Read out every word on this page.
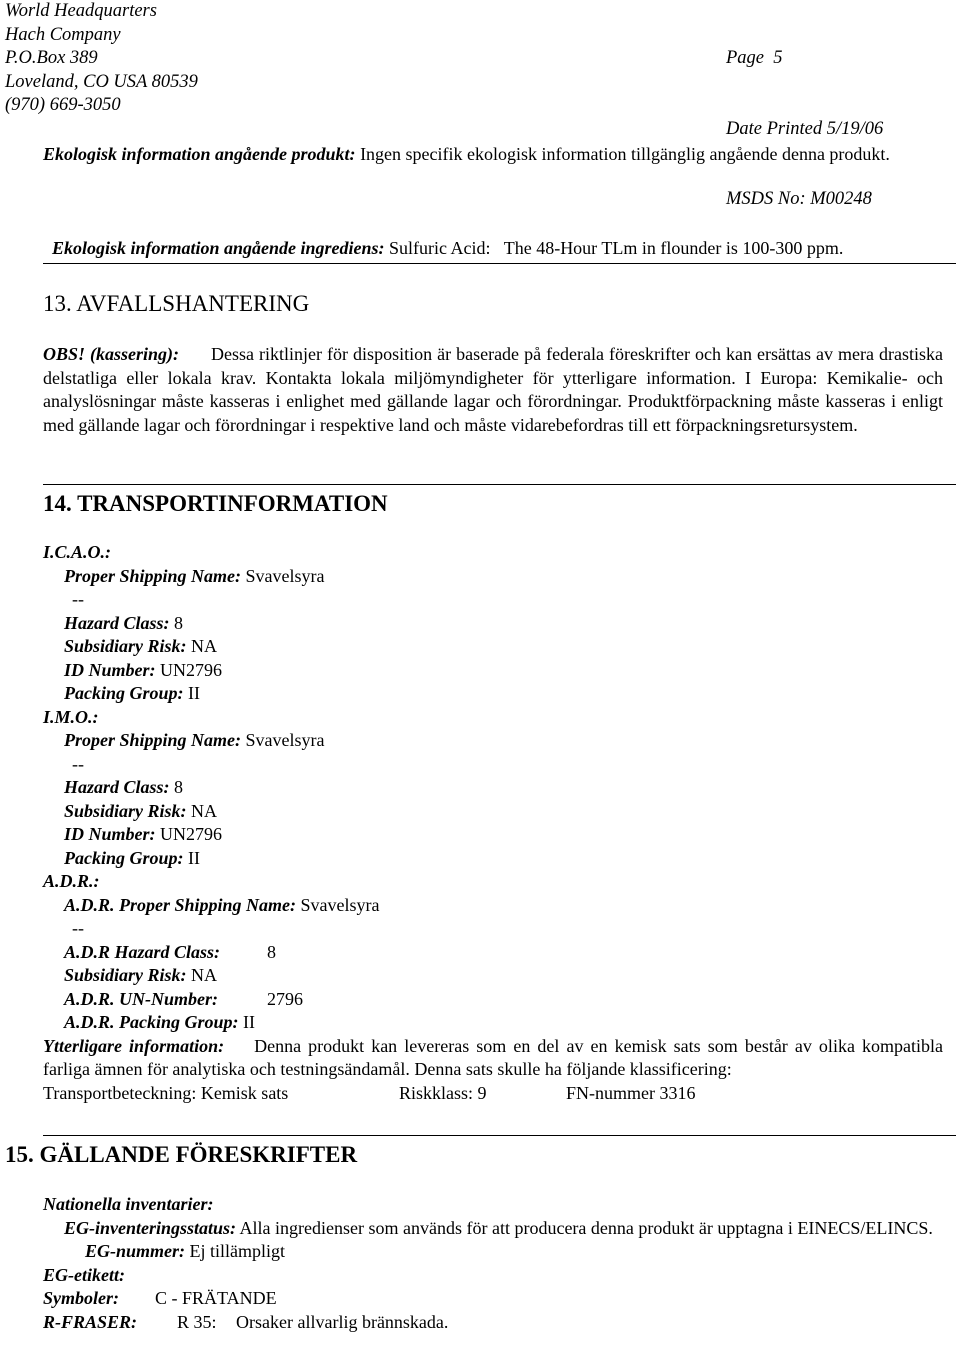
World Headquarters
Hach Company
P.O.Box 389
Loveland, CO USA 80539
(970) 669-3050

Page  5

Date Printed 5/19/06

MSDS No: M00248

Ekologisk information angående produkt: Ingen specifik ekologisk information tillgänglig angående denna produkt.

Ekologisk information angående ingrediens: Sulfuric Acid:   The 48-Hour TLm in flounder is 100-300 ppm.

13. AVFALLSHANTERING

OBS! (kassering): Dessa riktlinjer för disposition är baserade på federala föreskrifter och kan ersättas av mera drastiska delstatliga eller lokala krav. Kontakta lokala miljömyndigheter för ytterligare information. I Europa: Kemikalie- och analyslösningar måste kasseras i enlighet med gällande lagar och förordningar. Produktförpackning måste kasseras i enligt med gällande lagar och förordningar i respektive land och måste vidarebefordras till ett förpackningsretursystem.

14. TRANSPORTINFORMATION
I.C.A.O.:
Proper Shipping Name: Svavelsyra
--
Hazard Class: 8
Subsidiary Risk: NA
ID Number: UN2796
Packing Group: II
I.M.O.:
Proper Shipping Name: Svavelsyra
--
Hazard Class: 8
Subsidiary Risk: NA
ID Number: UN2796
Packing Group: II
A.D.R.:
A.D.R. Proper Shipping Name: Svavelsyra
--
A.D.R Hazard Class:	8
Subsidiary Risk: NA
A.D.R. UN-Number:	2796
A.D.R. Packing Group: II

Ytterligare information: Denna produkt kan levereras som en del av en kemisk sats som består av olika kompatibla farliga ämnen för analytiska och testningsändamål. Denna sats skulle ha följande klassificering:

Transportbeteckning: Kemisk sats	Riskklass: 9	FN-nummer 3316
15. GÄLLANDE FÖRESKRIFTER
Nationella inventarier:
EG-inventeringsstatus: Alla ingredienser som används för att producera denna produkt är upptagna i EINECS/ELINCS.
EG-nummer: Ej tillämpligt
EG-etikett:
Symboler: C - FRÄTANDE
R-FRASER: R 35: Orsaker allvarlig brännskada.
